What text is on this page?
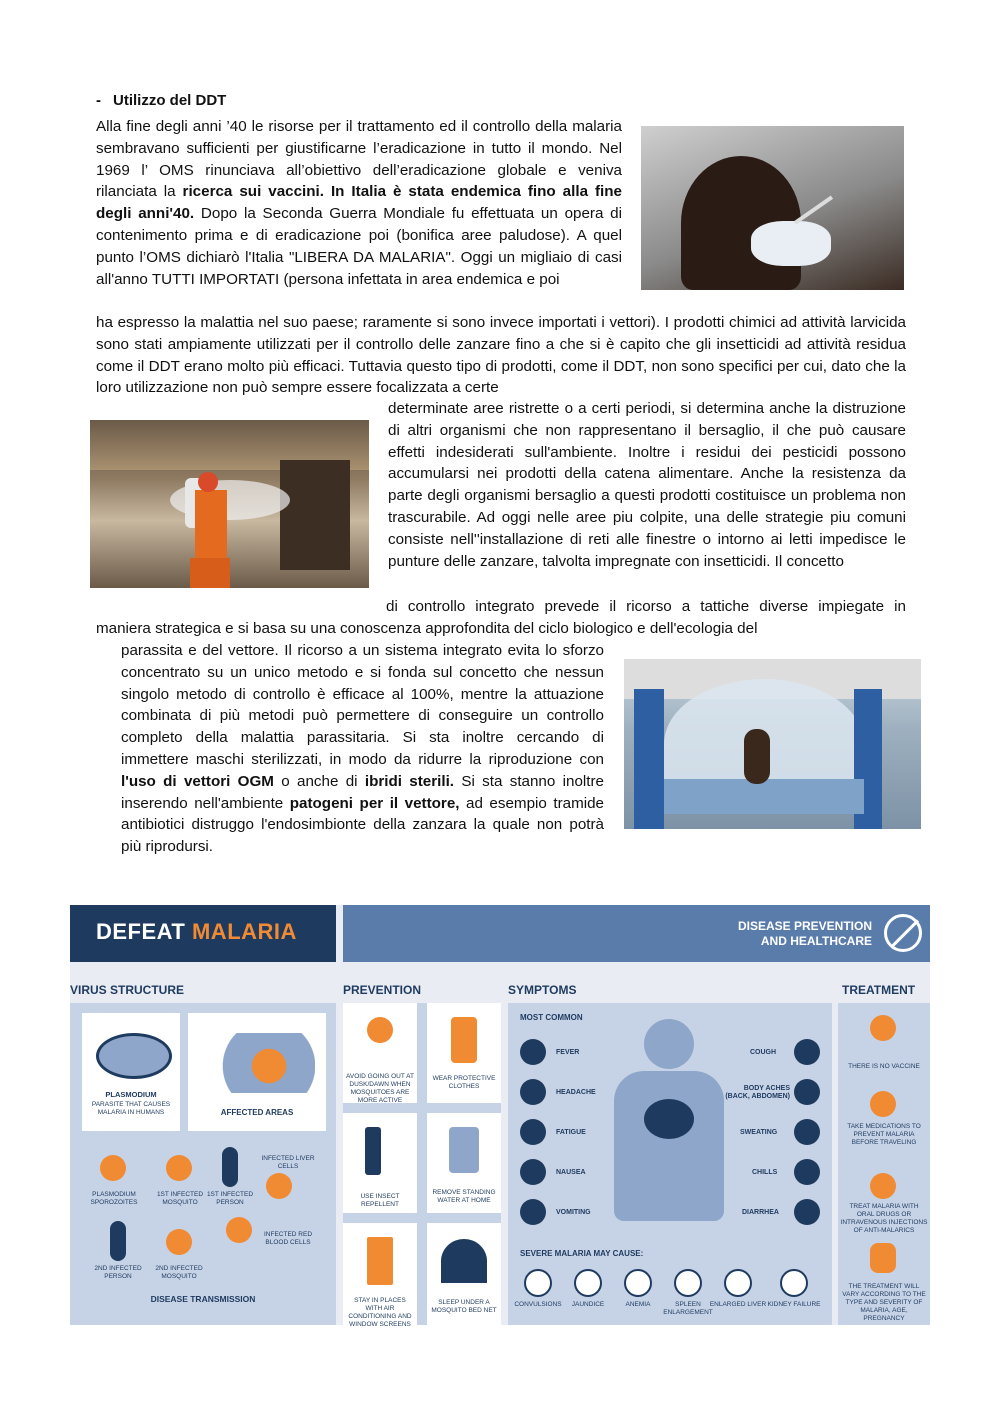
- Utilizzo del DDT
Alla fine degli anni ’40 le risorse per il trattamento ed il controllo della malaria sembravano sufficienti per giustificarne l’eradicazione in tutto il mondo. Nel 1969 l’ OMS rinunciava all’obiettivo dell’eradicazione globale e veniva rilanciata la ricerca sui vaccini. In Italia è stata endemica fino alla fine degli anni'40. Dopo la Seconda Guerra Mondiale fu effettuata un opera di contenimento prima e di eradicazione poi (bonifica aree paludose). A quel punto l’OMS dichiarò l'Italia "LIBERA DA MALARIA". Oggi un migliaio di casi all'anno TUTTI IMPORTATI (persona infettata in area endemica e poi
ha espresso la malattia nel suo paese; raramente si sono invece importati i vettori). I prodotti chimici ad attività larvicida sono stati ampiamente utilizzati per il controllo delle zanzare fino a che si è capito che gli insetticidi ad attività residua come il DDT erano molto più efficaci. Tuttavia questo tipo di prodotti, come il DDT, non sono specifici per cui, dato che la loro utilizzazione non può sempre essere focalizzata a certe
determinate aree ristrette o a certi periodi, si determina anche la distruzione di altri organismi che non rappresentano il bersaglio, il che può causare effetti indesiderati sull'ambiente. Inoltre i residui dei pesticidi possono accumularsi nei prodotti della catena alimentare. Anche la resistenza da parte degli organismi bersaglio a questi prodotti costituisce un problema non trascurabile. Ad oggi nelle aree piu colpite, una delle strategie piu comuni consiste nell''installazione di reti alle finestre o intorno ai letti impedisce le punture delle zanzare, talvolta impregnate con insetticidi. Il concetto
di controllo integrato prevede il ricorso a tattiche diverse impiegate in maniera strategica e si basa su una conoscenza approfondita del ciclo biologico e dell'ecologia del
parassita e del vettore. Il ricorso a un sistema integrato evita lo sforzo concentrato su un unico metodo e si fonda sul concetto che nessun singolo metodo di controllo è efficace al 100%, mentre la attuazione combinata di più metodi può permettere di conseguire un controllo completo della malattia parassitaria. Si sta inoltre cercando di immettere maschi sterilizzati, in modo da ridurre la riproduzione con l'uso di vettori OGM o anche di ibridi sterili. Si sta stanno inoltre inserendo nell'ambiente patogeni per il vettore, ad esempio tramide antibiotici distruggo l'endosimbionte della zanzara la quale non potrà più riprodursi.
DEFEAT MALARIA	DISEASE PREVENTION
AND HEALTHCARE
VIRUS STRUCTURE	PREVENTION	SYMPTOMS	TREATMENT
PLASMODIUM
PARASITE THAT CAUSES MALARIA IN HUMANS	AFFECTED AREAS
PLASMODIUM SPOROZOITES
1ST INFECTED MOSQUITO
1ST INFECTED PERSON
INFECTED LIVER CELLS
INFECTED RED BLOOD CELLS
2ND INFECTED MOSQUITO
2ND INFECTED PERSON
DISEASE TRANSMISSION
AVOID GOING OUT AT DUSK/DAWN WHEN MOSQUITOES ARE MORE ACTIVE
WEAR PROTECTIVE CLOTHES
USE INSECT REPELLENT
REMOVE STANDING WATER AT HOME
STAY IN PLACES WITH AIR CONDITIONING AND WINDOW SCREENS
SLEEP UNDER A MOSQUITO BED NET
MOST COMMON
FEVER
HEADACHE
FATIGUE
NAUSEA
VOMITING
COUGH
BODY ACHES (BACK, ABDOMEN)
SWEATING
CHILLS
DIARRHEA
SEVERE MALARIA MAY CAUSE:
CONVULSIONS	JAUNDICE	ANEMIA	SPLEEN ENLARGEMENT
ENLARGED LIVER KIDNEY FAILURE
THERE IS NO VACCINE
TAKE MEDICATIONS TO PREVENT MALARIA BEFORE TRAVELING
TREAT MALARIA WITH ORAL DRUGS OR INTRAVENOUS INJECTIONS OF ANTI-MALARICS
THE TREATMENT WILL VARY ACCORDING TO THE TYPE AND SEVERITY OF MALARIA, AGE, PREGNANCY
